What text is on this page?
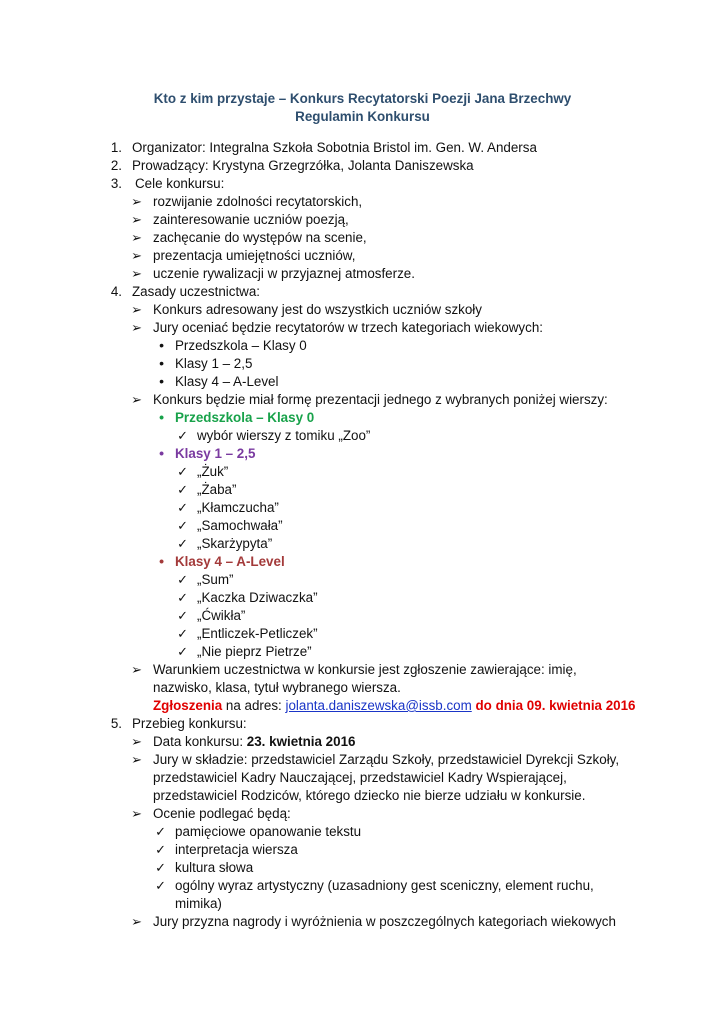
Kto z kim przystaje – Konkurs Recytatorski Poezji Jana Brzechwy
Regulamin Konkursu
1. Organizator: Integralna Szkoła Sobotnia Bristol im. Gen. W. Andersa
2. Prowadzący: Krystyna Grzegrzółka, Jolanta Daniszewska
3. Cele konkursu:
➢ rozwijanie zdolności recytatorskich,
➢ zainteresowanie uczniów poezją,
➢ zachęcanie do występów na scenie,
➢ prezentacja umiejętności uczniów,
➢ uczenie rywalizacji w przyjaznej atmosferze.
4. Zasady uczestnictwa:
➢ Konkurs adresowany jest do wszystkich uczniów szkoły
➢ Jury oceniać będzie recytatorów w trzech kategoriach wiekowych:
• Przedszkola – Klasy 0
• Klasy 1 – 2,5
• Klasy 4 – A-Level
➢ Konkurs będzie miał formę prezentacji jednego z wybranych poniżej wierszy:
• Przedszkola – Klasy 0
✓ wybór wierszy z tomiku „Zoo”
• Klasy 1 – 2,5
✓ „Żuk”
✓ „Żaba”
✓ „Kłamczucha”
✓ „Samochwała”
✓ „Skarżypyta”
• Klasy 4 – A-Level
✓ „Sum”
✓ „Kaczka Dziwaczka”
✓ „Ćwikła”
✓ „Entliczek-Petliczek”
✓ „Nie pieprz Pietrze”
➢ Warunkiem uczestnictwa w konkursie jest zgłoszenie zawierające: imię,
nazwisko, klasa, tytuł wybranego wiersza.
Zgłoszenia na adres: jolanta.daniszewska@issb.com do dnia 09. kwietnia 2016
5. Przebieg konkursu:
➢ Data konkursu: 23. kwietnia 2016
➢ Jury w składzie: przedstawiciel Zarządu Szkoły, przedstawiciel Dyrekcji Szkoły,
przedstawiciel Kadry Nauczającej, przedstawiciel Kadry Wspierającej,
przedstawiciel Rodziców, którego dziecko nie bierze udziału w konkursie.
➢ Ocenie podlegać będą:
✓ pamięciowe opanowanie tekstu
✓ interpretacja wiersza
✓ kultura słowa
✓ ogólny wyraz artystyczny (uzasadniony gest sceniczny, element ruchu,
mimika)
➢ Jury przyzna nagrody i wyróżnienia w poszczególnych kategoriach wiekowych
